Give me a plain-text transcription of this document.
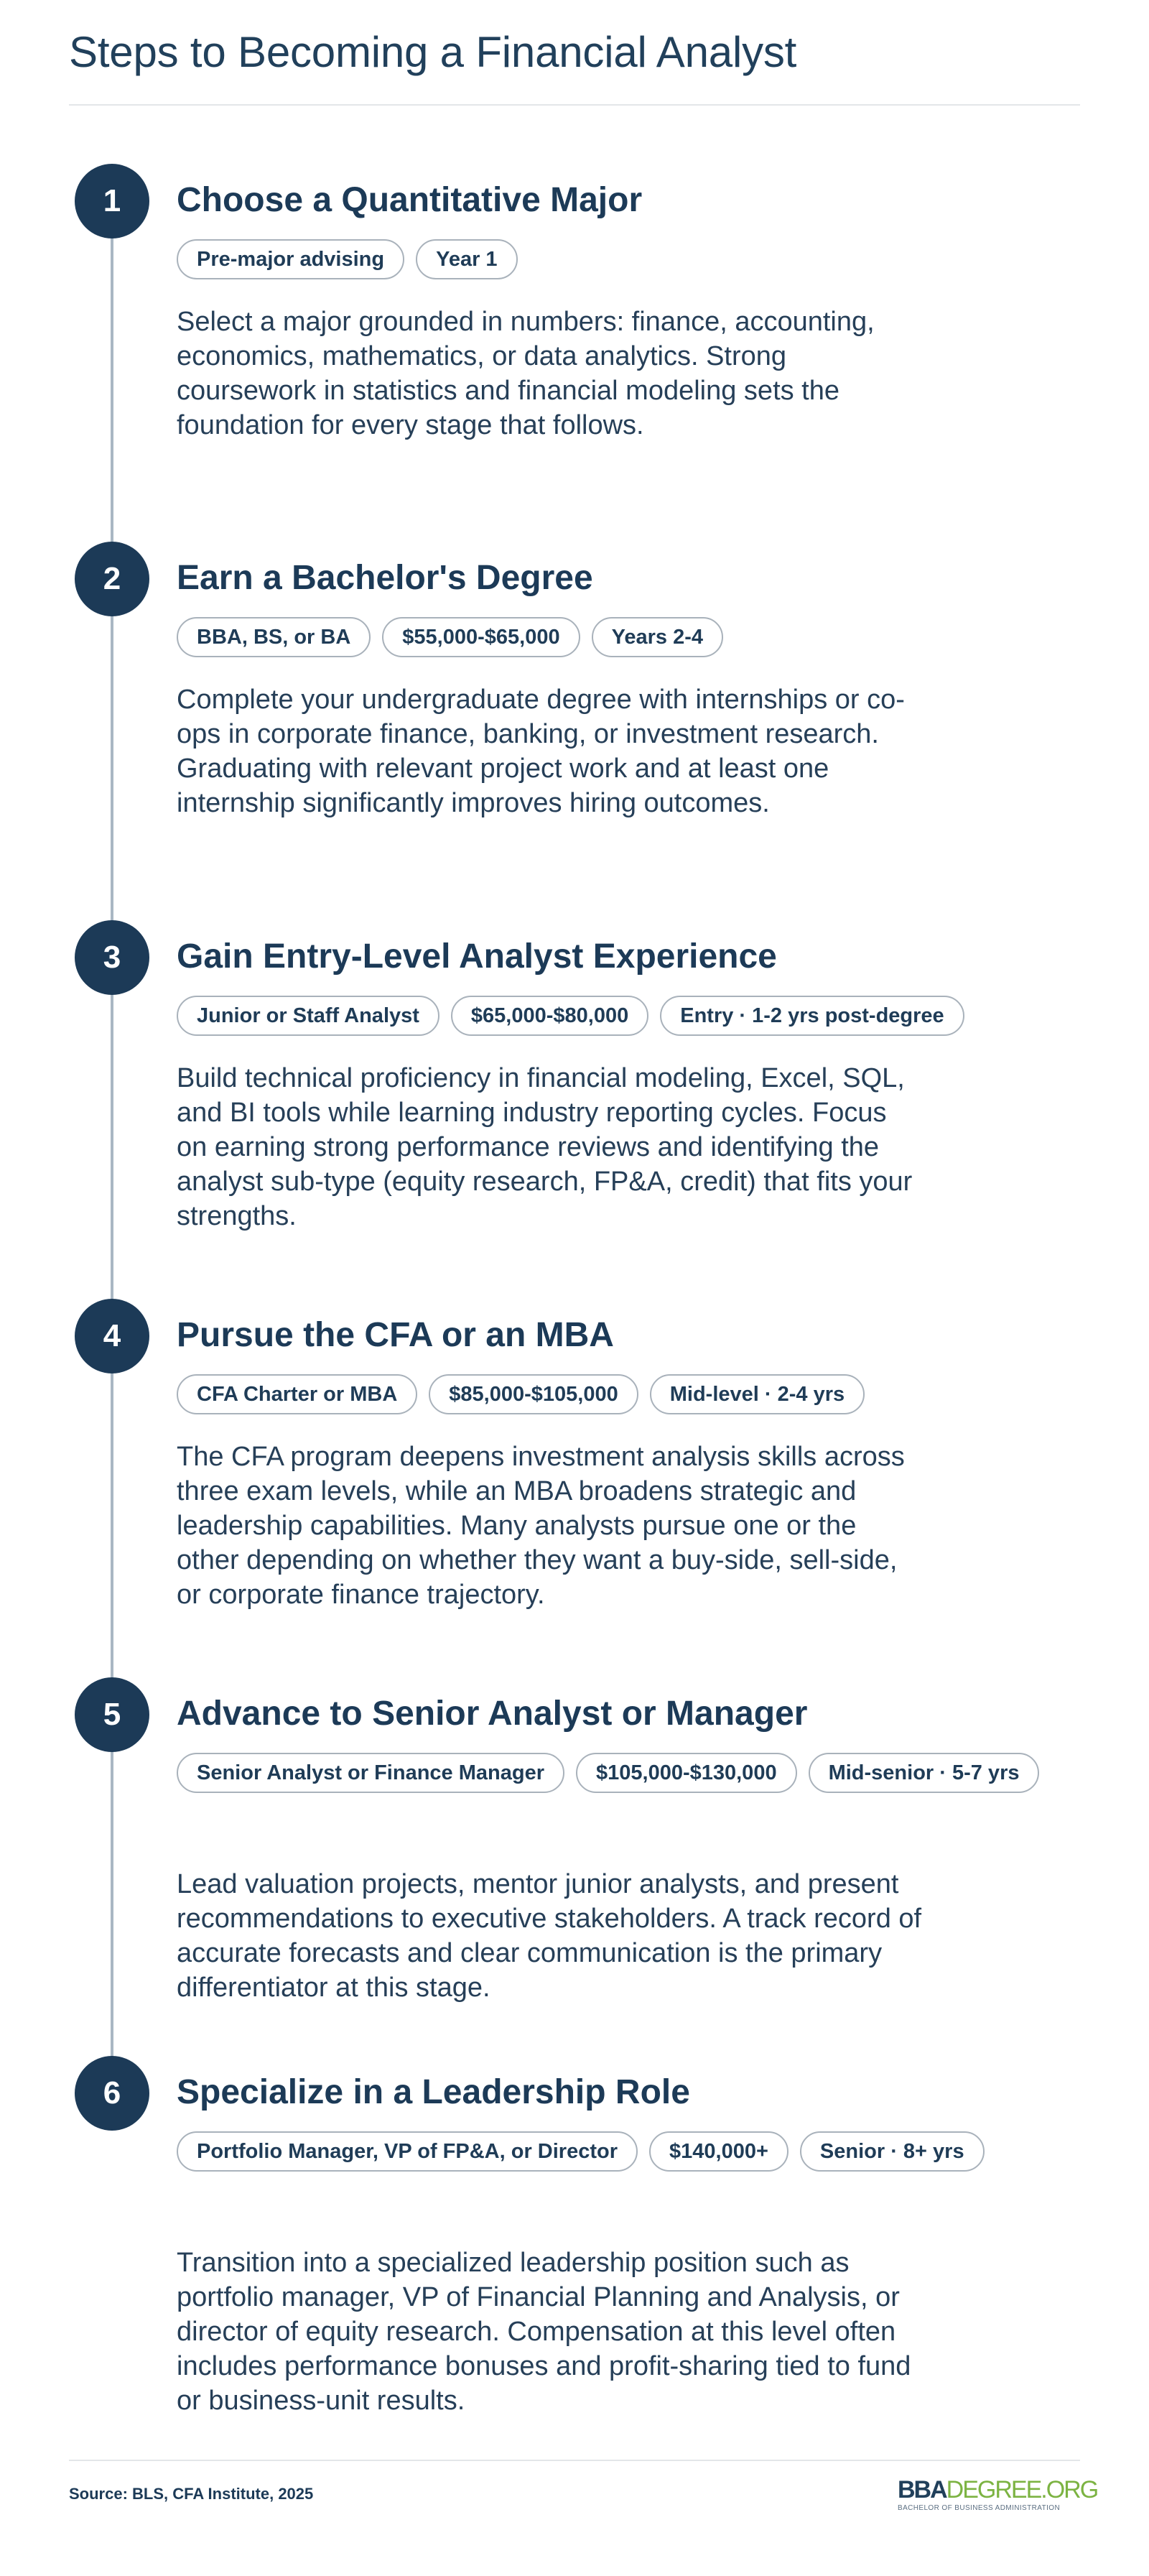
Steps to Becoming a Financial Analyst
1	Choose a Quantitative Major
Pre-major advising	Year 1

Select a major grounded in numbers: finance, accounting, economics, mathematics, or data analytics. Strong coursework in statistics and financial modeling sets the foundation for every stage that follows.

2	Earn a Bachelor's Degree
BBA, BS, or BA	$55,000-$65,000	Years 2-4

Complete your undergraduate degree with internships or co-ops in corporate finance, banking, or investment research. Graduating with relevant project work and at least one internship significantly improves hiring outcomes.

3	Gain Entry-Level Analyst Experience
Junior or Staff Analyst	$65,000-$80,000	Entry · 1-2 yrs post-degree

Build technical proficiency in financial modeling, Excel, SQL, and BI tools while learning industry reporting cycles. Focus on earning strong performance reviews and identifying the analyst sub-type (equity research, FP&A, credit) that fits your strengths.

4	Pursue the CFA or an MBA
CFA Charter or MBA	$85,000-$105,000	Mid-level · 2-4 yrs

The CFA program deepens investment analysis skills across three exam levels, while an MBA broadens strategic and leadership capabilities. Many analysts pursue one or the other depending on whether they want a buy-side, sell-side, or corporate finance trajectory.

5	Advance to Senior Analyst or Manager
Senior Analyst or Finance Manager	$105,000-$130,000	Mid-senior · 5-7 yrs

Lead valuation projects, mentor junior analysts, and present recommendations to executive stakeholders. A track record of accurate forecasts and clear communication is the primary differentiator at this stage.

6	Specialize in a Leadership Role
Portfolio Manager, VP of FP&A, or Director	$140,000+	Senior · 8+ yrs

Transition into a specialized leadership position such as portfolio manager, VP of Financial Planning and Analysis, or director of equity research. Compensation at this level often includes performance bonuses and profit-sharing tied to fund or business-unit results.

Source: BLS, CFA Institute, 2025	BBADEGREE.ORG
BACHELOR OF BUSINESS ADMINISTRATION
